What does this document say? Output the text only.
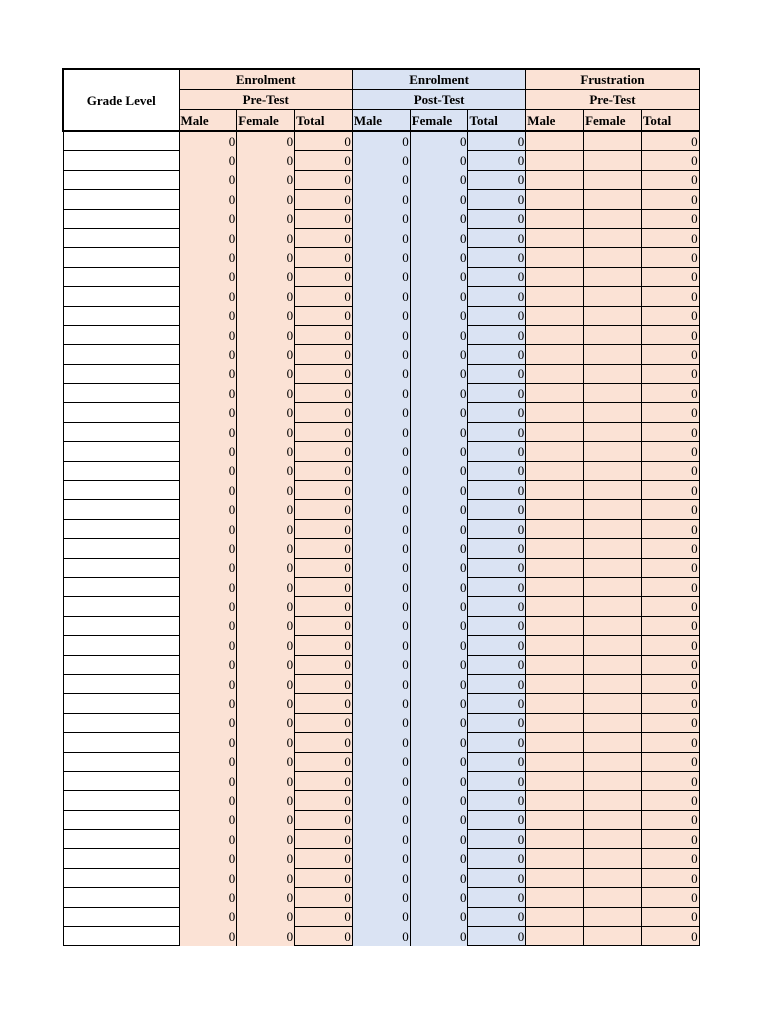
Grade Level	Enrolment			Enrolment			Frustration		
	Pre-Test			Post-Test			Pre-Test		
	Male	Female	Total	Male	Female	Total	Male	Female	Total
	0	0	0	0	0	0			0
	0	0	0	0	0	0			0
	0	0	0	0	0	0			0
	0	0	0	0	0	0			0
	0	0	0	0	0	0			0
	0	0	0	0	0	0			0
	0	0	0	0	0	0			0
	0	0	0	0	0	0			0
	0	0	0	0	0	0			0
	0	0	0	0	0	0			0
	0	0	0	0	0	0			0
	0	0	0	0	0	0			0
	0	0	0	0	0	0			0
	0	0	0	0	0	0			0
	0	0	0	0	0	0			0
	0	0	0	0	0	0			0
	0	0	0	0	0	0			0
	0	0	0	0	0	0			0
	0	0	0	0	0	0			0
	0	0	0	0	0	0			0
	0	0	0	0	0	0			0
	0	0	0	0	0	0			0
	0	0	0	0	0	0			0
	0	0	0	0	0	0			0
	0	0	0	0	0	0			0
	0	0	0	0	0	0			0
	0	0	0	0	0	0			0
	0	0	0	0	0	0			0
	0	0	0	0	0	0			0
	0	0	0	0	0	0			0
	0	0	0	0	0	0			0
	0	0	0	0	0	0			0
	0	0	0	0	0	0			0
	0	0	0	0	0	0			0
	0	0	0	0	0	0			0
	0	0	0	0	0	0			0
	0	0	0	0	0	0			0
	0	0	0	0	0	0			0
	0	0	0	0	0	0			0
	0	0	0	0	0	0			0
	0	0	0	0	0	0			0
	0	0	0	0	0	0			0
